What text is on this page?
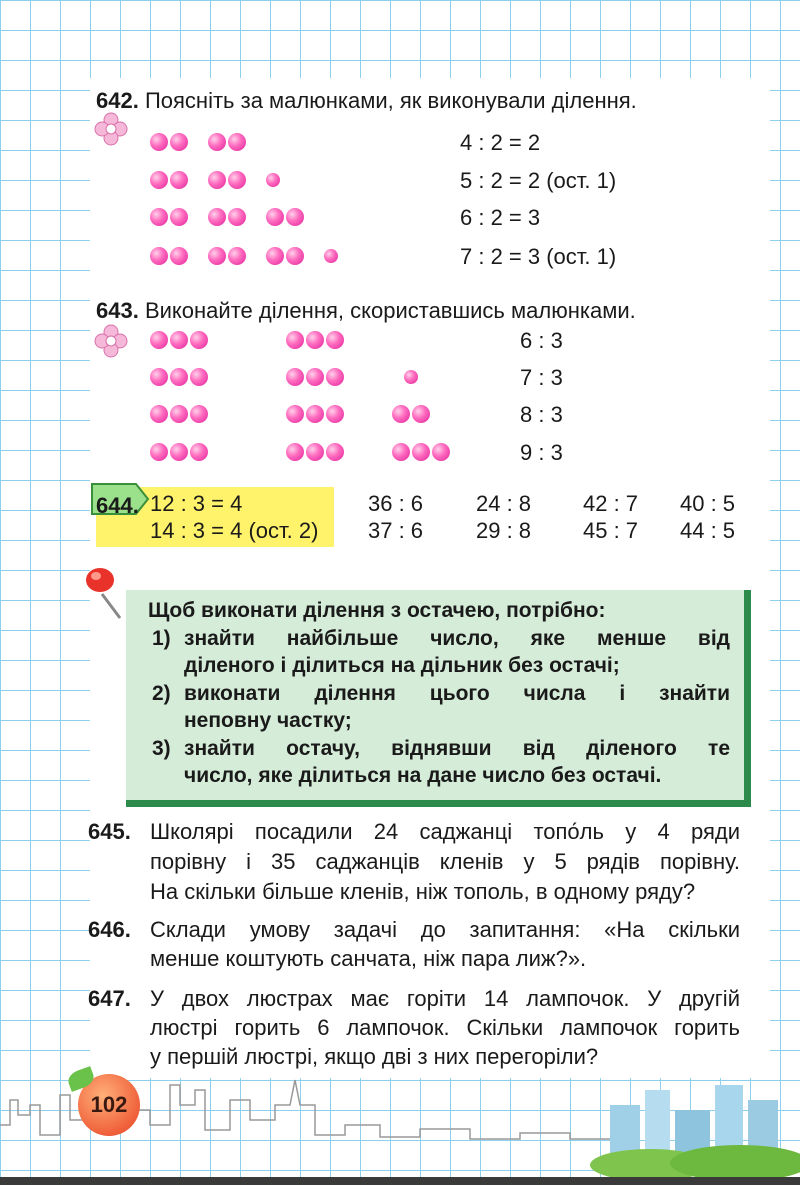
642. Поясніть за малюнками, як виконували ділення.
4 : 2 = 2
5 : 2 = 2 (ост. 1)
6 : 2 = 3
7 : 2 = 3 (ост. 1)
643. Виконайте ділення, скориставшись малюнками.
6 : 3
7 : 3
8 : 3
9 : 3
644. 12 : 3 = 4
14 : 3 = 4 (ост. 2)
36 : 6 24 : 8 42 : 7 40 : 5
37 : 6 29 : 8 45 : 7 44 : 5
Щоб виконати ділення з остачею, потрібно:
1) знайти найбільше число, яке менше від
діленого і ділиться на дільник без остачі;
2) виконати ділення цього числа і знайти
неповну частку;
3) знайти остачу, віднявши від діленого те
число, яке ділиться на дане число без остачі.
645. Школярі посадили 24 саджанці топо́ль у 4 ряди
порівну і 35 саджанців кленів у 5 рядів порівну.
На скільки більше кленів, ніж тополь, в одному ряду?
646. Склади умову задачі до запитання: «На скільки
менше коштують санчата, ніж пара лиж?».
647. У двох люстрах має горіти 14 лампочок. У другій
люстрі горить 6 лампочок. Скільки лампочок горить
у першій люстрі, якщо дві з них перегоріли?
102
